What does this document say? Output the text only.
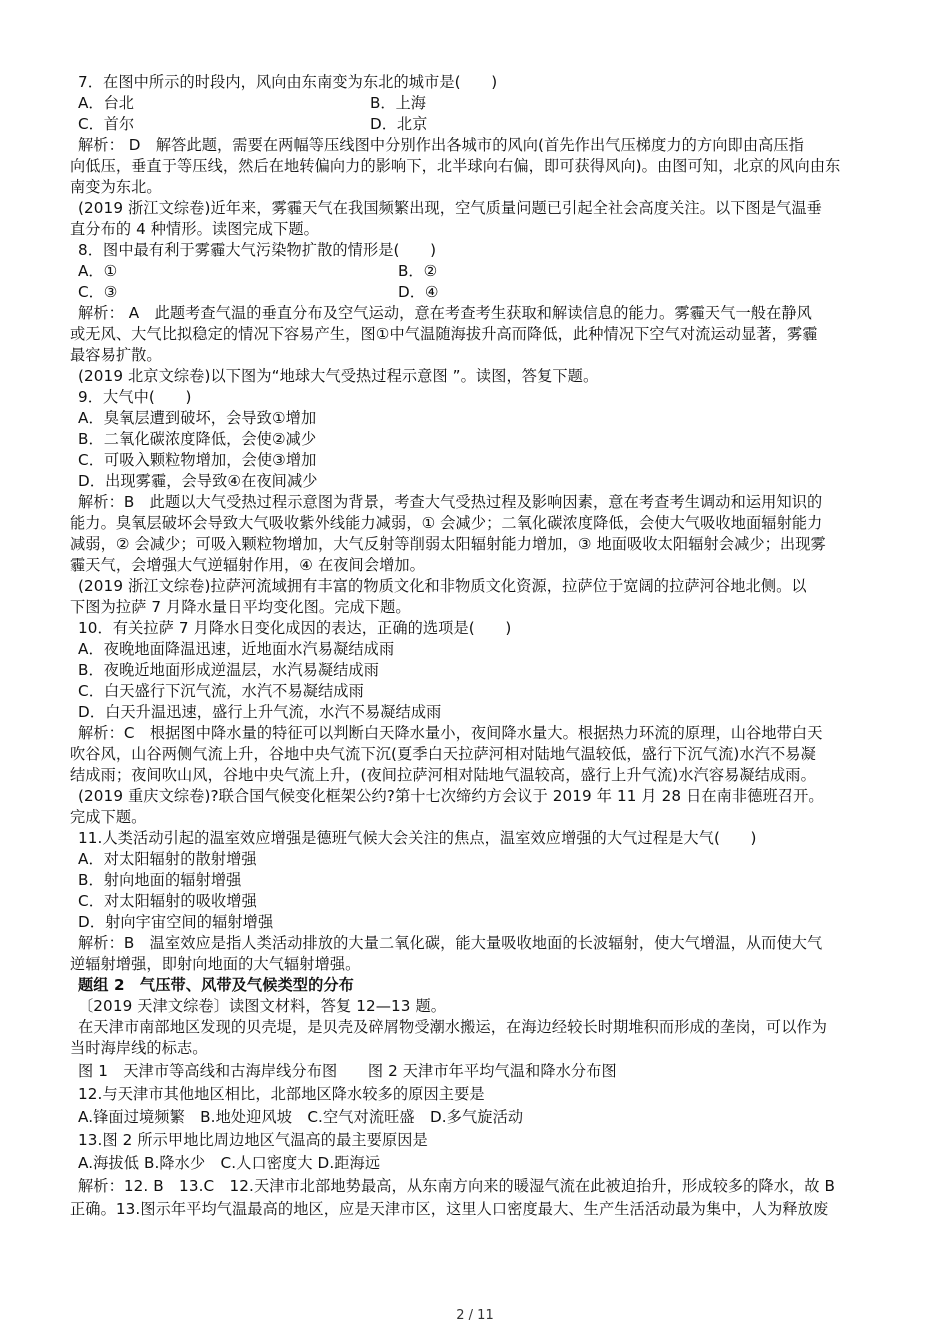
7．在图中所示的时段内，风向由东南变为东北的城市是(　　)
A．台北	B．上海
C．首尔	D．北京
解析： D　解答此题，需要在两幅等压线图中分别作出各城市的风向(首先作出气压梯度力的方向即由高压指
向低压，垂直于等压线，然后在地转偏向力的影响下，北半球向右偏，即可获得风向)。由图可知，北京的风向由东
南变为东北。
(2019 浙江文综卷)近年来，雾霾天气在我国频繁出现，空气质量问题已引起全社会高度关注。以下图是气温垂
直分布的 4 种情形。读图完成下题。
8．图中最有利于雾霾大气污染物扩散的情形是(　　)
A．①	B．②
C．③	D．④
解析： A　此题考查气温的垂直分布及空气运动，意在考查考生获取和解读信息的能力。雾霾天气一般在静风
或无风、大气比拟稳定的情况下容易产生，图①中气温随海拔升高而降低，此种情况下空气对流运动显著，雾霾
最容易扩散。
(2019 北京文综卷)以下图为“地球大气受热过程示意图 ”。读图，答复下题。
9．大气中(　　)
A．臭氧层遭到破坏，会导致①增加
B．二氧化碳浓度降低，会使②减少
C．可吸入颗粒物增加，会使③增加
D．出现雾霾，会导致④在夜间减少
解析：B　此题以大气受热过程示意图为背景，考查大气受热过程及影响因素，意在考查考生调动和运用知识的
能力。臭氧层破坏会导致大气吸收紫外线能力减弱，① 会减少；二氧化碳浓度降低，会使大气吸收地面辐射能力
减弱，② 会减少；可吸入颗粒物增加，大气反射等削弱太阳辐射能力增加，③ 地面吸收太阳辐射会减少；出现雾
霾天气，会增强大气逆辐射作用，④ 在夜间会增加。
(2019 浙江文综卷)拉萨河流域拥有丰富的物质文化和非物质文化资源，拉萨位于宽阔的拉萨河谷地北侧。以
下图为拉萨 7 月降水量日平均变化图。完成下题。
10．有关拉萨 7 月降水日变化成因的表达，正确的选项是(　　)
A．夜晚地面降温迅速，近地面水汽易凝结成雨
B．夜晚近地面形成逆温层，水汽易凝结成雨
C．白天盛行下沉气流，水汽不易凝结成雨
D．白天升温迅速，盛行上升气流，水汽不易凝结成雨
解析：C　根据图中降水量的特征可以判断白天降水量小，夜间降水量大。根据热力环流的原理，山谷地带白天
吹谷风，山谷两侧气流上升，谷地中央气流下沉(夏季白天拉萨河相对陆地气温较低，盛行下沉气流)水汽不易凝
结成雨；夜间吹山风，谷地中央气流上升，(夜间拉萨河相对陆地气温较高，盛行上升气流)水汽容易凝结成雨。
(2019 重庆文综卷)?联合国气候变化框架公约?第十七次缔约方会议于 2019 年 11 月 28 日在南非德班召开。
完成下题。
11.人类活动引起的温室效应增强是德班气候大会关注的焦点，温室效应增强的大气过程是大气(　　)
A．对太阳辐射的散射增强
B．射向地面的辐射增强
C．对太阳辐射的吸收增强
D．射向宇宙空间的辐射增强
解析：B　温室效应是指人类活动排放的大量二氧化碳，能大量吸收地面的长波辐射，使大气增温，从而使大气
逆辐射增强，即射向地面的大气辐射增强。
题组 2　气压带、风带及气候类型的分布
〔2019 天津文综卷〕读图文材料，答复 12—13 题。
在天津市南部地区发现的贝壳堤，是贝壳及碎屑物受潮水搬运，在海边经较长时期堆积而形成的垄岗，可以作为
当时海岸线的标志。
图 1　天津市等高线和古海岸线分布图　　图 2 天津市年平均气温和降水分布图
12.与天津市其他地区相比，北部地区降水较多的原因主要是
A.锋面过境频繁　B.地处迎风坡　C.空气对流旺盛　D.多气旋活动
13.图 2 所示甲地比周边地区气温高的最主要原因是
A.海拔低 B.降水少　C.人口密度大 D.距海远
解析：12. B　13.C　12.天津市北部地势最高，从东南方向来的暖湿气流在此被迫抬升，形成较多的降水，故 B
正确。13.图示年平均气温最高的地区，应是天津市区，这里人口密度最大、生产生活活动最为集中，人为释放废
2 / 11
